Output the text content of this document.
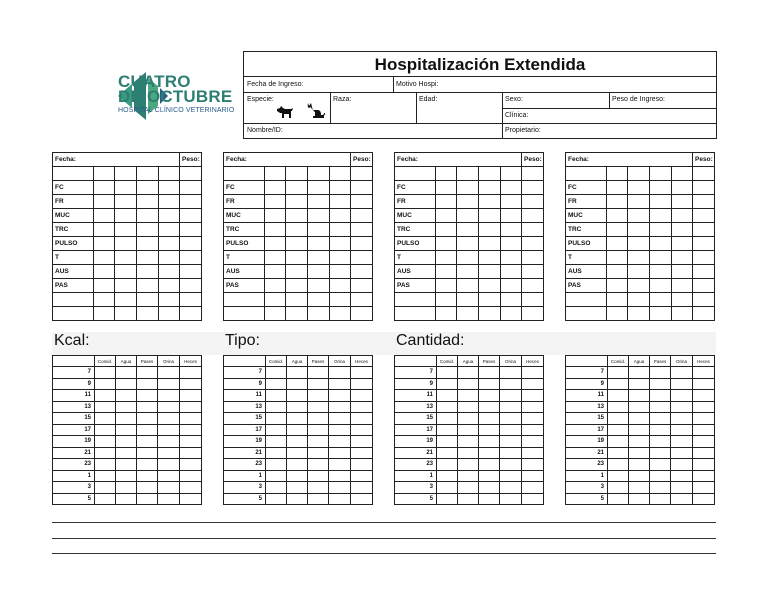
CUATRO
DE OCTUBRE
HOSPITAL CLÍNICO VETERINARIO
Hospitalización Extendida
Fecha de Ingreso:	Motivo Hospi:
Especie:	Raza:	Edad:	Sexo:	Peso de Ingreso:
Clínica:
Nombre/ID:	Propietario:
Fecha:					Peso:

FC					
FR					
MUC					
TRC					
PULSO					
T					
AUS					
PAS					

Fecha:					Peso:

FC					
FR					
MUC					
TRC					
PULSO					
T					
AUS					
PAS					

Fecha:					Peso:

FC					
FR					
MUC					
TRC					
PULSO					
T					
AUS					
PAS					

Fecha:					Peso:

FC					
FR					
MUC					
TRC					
PULSO					
T					
AUS					
PAS					

Kcal:	Tipo:	Cantidad:
	Comid.	Agua	Pases	Orina	Heces
7					
9					
11					
13					
15					
17					
19					
21					
23					
1					
3					
5					
	Comid.	Agua	Pases	Orina	Heces
7					
9					
11					
13					
15					
17					
19					
21					
23					
1					
3					
5					
	Comid.	Agua	Pases	Orina	Heces
7					
9					
11					
13					
15					
17					
19					
21					
23					
1					
3					
5					
	Comid.	Agua	Pases	Orina	Heces
7					
9					
11					
13					
15					
17					
19					
21					
23					
1					
3					
5					
